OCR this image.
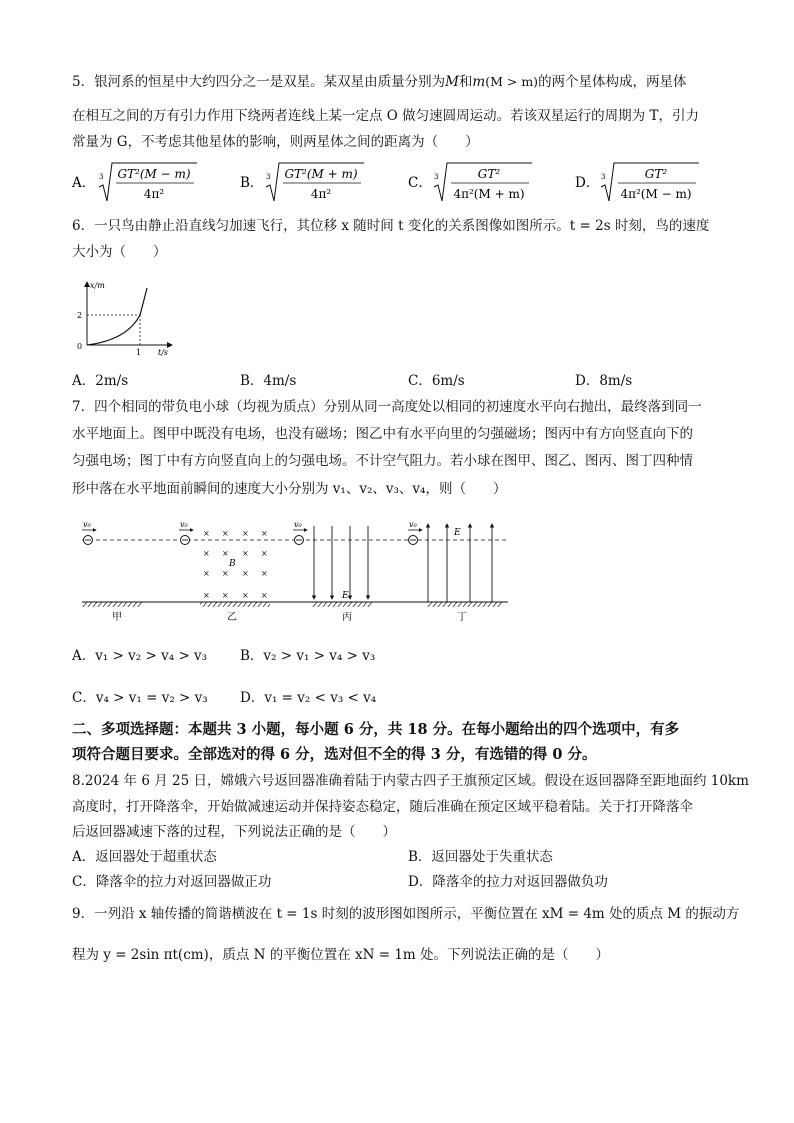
5．银河系的恒星中大约四分之一是双星。某双星由质量分别为M和m(M > m)的两个星体构成，两星体
在相互之间的万有引力作用下绕两者连线上某一定点 O 做匀速圆周运动。若该双星运行的周期为 T，引力
常量为 G，不考虑其他星体的影响，则两星体之间的距离为（　　）
A． 3 GT²(M − m)
4π²
B． 3 GT²(M + m)
4π²
C． 3	GT²
4π²(M + m)
D． 3	GT²
4π²(M − m)
6．一只鸟由静止沿直线匀加速飞行，其位移 x 随时间 t 变化的关系图像如图所示。t = 2s 时刻，鸟的速度
大小为（　　）
x/m
t/s
2
0
1
A．2m/s	B．4m/s	C．6m/s	D．8m/s
7．四个相同的带负电小球（均视为质点）分别从同一高度处以相同的初速度水平向右抛出，最终落到同一
水平地面上。图甲中既没有电场，也没有磁场；图乙中有水平向里的匀强磁场；图丙中有方向竖直向下的
匀强电场；图丁中有方向竖直向上的匀强电场。不计空气阻力。若小球在图甲、图乙、图丙、图丁四种情
形中落在水平地面前瞬间的速度大小分别为 v₁、v₂、v₃、v₄，则（　　）
v₀	v₀
× × × ×
× × × ×
× × × ×
× × × ×
B
v₀
E
v₀
E
甲	乙	丙	丁
A．v₁ > v₂ > v₄ > v₃ B．v₂ > v₁ > v₄ > v₃
C．v₄ > v₁ = v₂ > v₃ D．v₁ = v₂ < v₃ < v₄
二、多项选择题：本题共 3 小题，每小题 6 分，共 18 分。在每小题给出的四个选项中，有多
项符合题目要求。全部选对的得 6 分，选对但不全的得 3 分，有选错的得 0 分。
8.2024 年 6 月 25 日，嫦娥六号返回器准确着陆于内蒙古四子王旗预定区域。假设在返回器降至距地面约 10km
高度时，打开降落伞，开始做减速运动并保持姿态稳定，随后准确在预定区域平稳着陆。关于打开降落伞
后返回器减速下落的过程，下列说法正确的是（　　）
A．返回器处于超重状态	B．返回器处于失重状态
C．降落伞的拉力对返回器做正功	D．降落伞的拉力对返回器做负功
9．一列沿 x 轴传播的简谐横波在 t = 1s 时刻的波形图如图所示，平衡位置在 xM = 4m 处的质点 M 的振动方
程为 y = 2sin πt(cm)，质点 N 的平衡位置在 xN = 1m 处。下列说法正确的是（　　）
